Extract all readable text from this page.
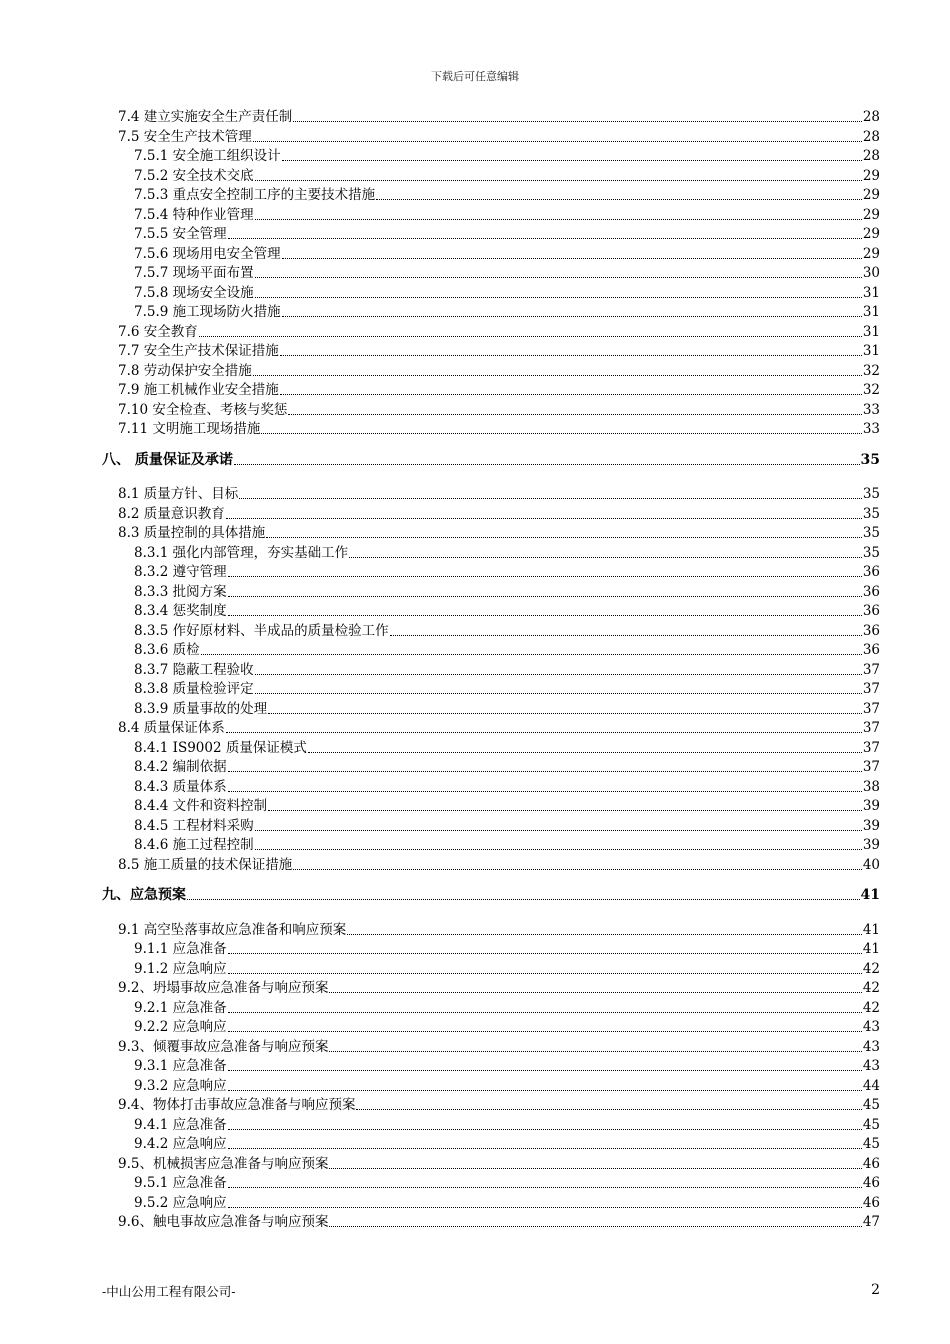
下载后可任意编辑
7.4 建立实施安全生产责任制	28
7.5 安全生产技术管理	28
7.5.1 安全施工组织设计	28
7.5.2 安全技术交底	29
7.5.3 重点安全控制工序的主要技术措施	29
7.5.4 特种作业管理	29
7.5.5 安全管理	29
7.5.6 现场用电安全管理	29
7.5.7 现场平面布置	30
7.5.8 现场安全设施	31
7.5.9 施工现场防火措施	31
7.6 安全教育	31
7.7 安全生产技术保证措施	31
7.8 劳动保护安全措施	32
7.9 施工机械作业安全措施	32
7.10 安全检查、考核与奖惩	33
7.11 文明施工现场措施	33
八、 质量保证及承诺	35
8.1 质量方针、目标	35
8.2 质量意识教育	35
8.3 质量控制的具体措施	35
8.3.1 强化内部管理，夯实基础工作	35
8.3.2 遵守管理	36
8.3.3 批阅方案	36
8.3.4 惩奖制度	36
8.3.5 作好原材料、半成品的质量检验工作	36
8.3.6 质检	36
8.3.7 隐蔽工程验收	37
8.3.8 质量检验评定	37
8.3.9 质量事故的处理	37
8.4 质量保证体系	37
8.4.1 IS9002 质量保证模式	37
8.4.2 编制依据	37
8.4.3 质量体系	38
8.4.4 文件和资料控制	39
8.4.5 工程材料采购	39
8.4.6 施工过程控制	39
8.5 施工质量的技术保证措施	40
九、应急预案	41
9.1 高空坠落事故应急准备和响应预案	41
9.1.1 应急准备	41
9.1.2 应急响应	42
9.2、坍塌事故应急准备与响应预案	42
9.2.1 应急准备	42
9.2.2 应急响应	43
9.3、倾覆事故应急准备与响应预案	43
9.3.1 应急准备	43
9.3.2 应急响应	44
9.4、物体打击事故应急准备与响应预案	45
9.4.1 应急准备	45
9.4.2 应急响应	45
9.5、机械损害应急准备与响应预案	46
9.5.1 应急准备	46
9.5.2 应急响应	46
9.6、触电事故应急准备与响应预案	47
-中山公用工程有限公司-	2
